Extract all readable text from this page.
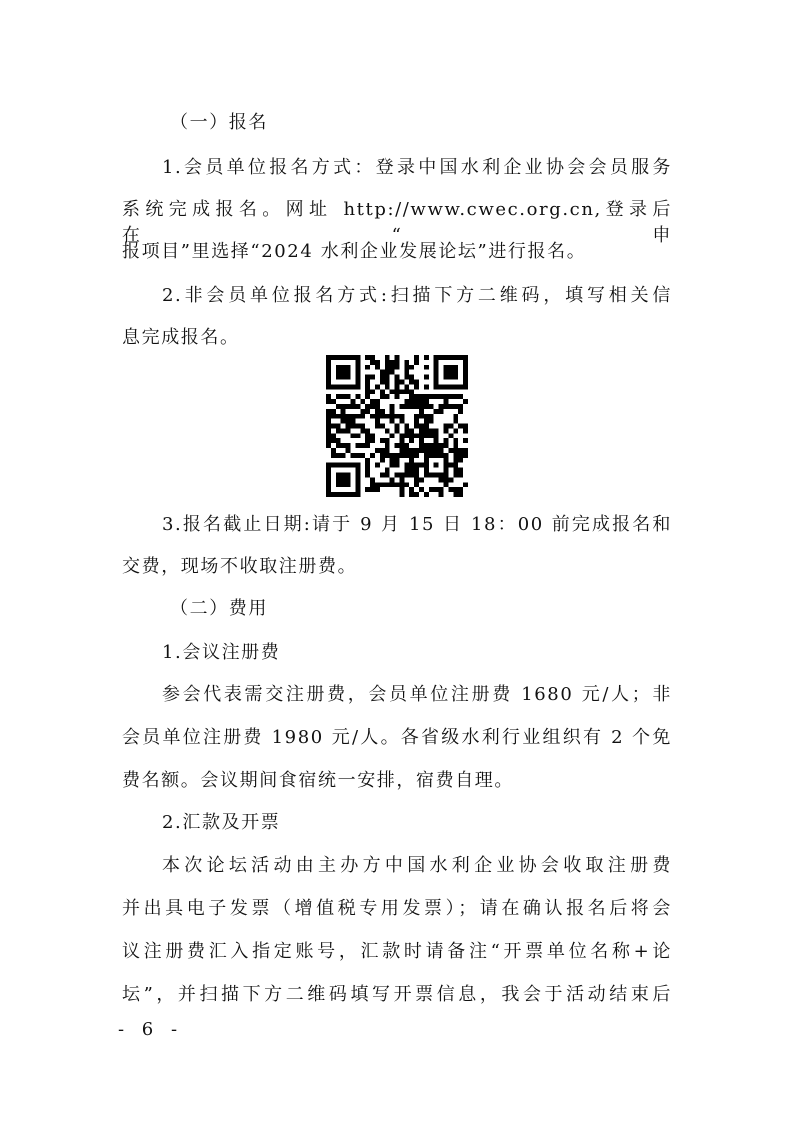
（一）报名
1.会员单位报名方式：登录中国水利企业协会会员服务
系统完成报名。网址 http://www.cwec.org.cn,登录后在“申
报项目”里选择“2024 水利企业发展论坛”进行报名。
2.非会员单位报名方式:扫描下方二维码，填写相关信
息完成报名。
3.报名截止日期:请于 9 月 15 日 18：00 前完成报名和
交费，现场不收取注册费。
（二）费用
1.会议注册费
参会代表需交注册费，会员单位注册费 1680 元/人；非
会员单位注册费 1980 元/人。各省级水利行业组织有 2 个免
费名额。会议期间食宿统一安排，宿费自理。
2.汇款及开票
本次论坛活动由主办方中国水利企业协会收取注册费
并出具电子发票（增值税专用发票）；请在确认报名后将会
议注册费汇入指定账号，汇款时请备注“开票单位名称+论
坛”，并扫描下方二维码填写开票信息，我会于活动结束后
- 6 -
